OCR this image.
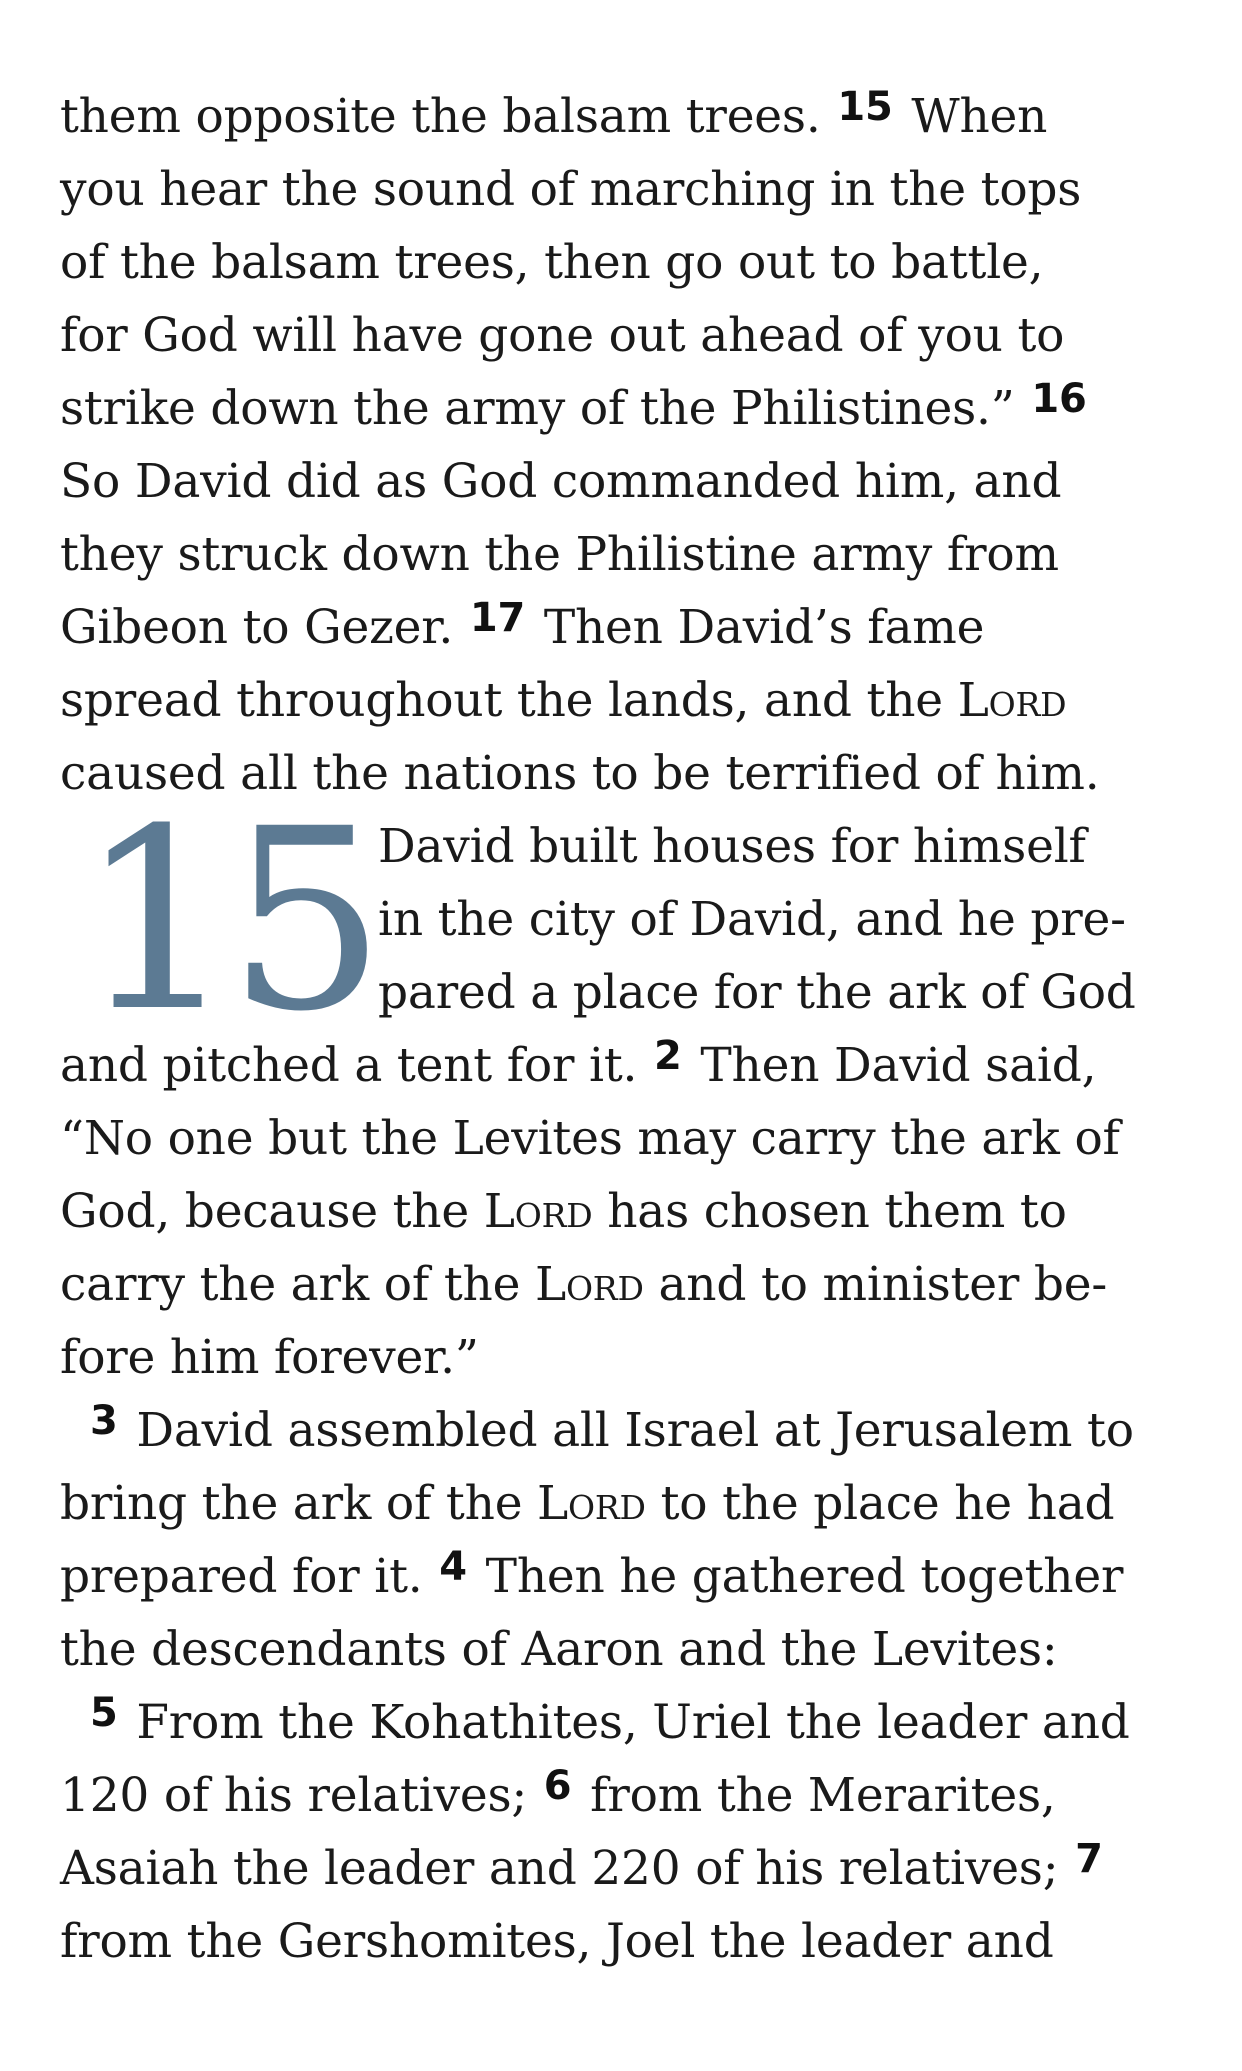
them opposite the balsam trees. 15 When
you hear the sound of marching in the tops
of the balsam trees, then go out to battle,
for God will have gone out ahead of you to
strike down the army of the Philistines.” 16
So David did as God commanded him, and
they struck down the Philistine army from
Gibeon to Gezer. 17 Then David’s fame
spread throughout the lands, and the Lord
caused all the nations to be terrified of him.
15 David built houses for himself
in the city of David, and he pre-
pared a place for the ark of God
and pitched a tent for it. 2 Then David said,
“No one but the Levites may carry the ark of
God, because the Lord has chosen them to
carry the ark of the Lord and to minister be-
fore him forever.”
3 David assembled all Israel at Jerusalem to
bring the ark of the Lord to the place he had
prepared for it. 4 Then he gathered together
the descendants of Aaron and the Levites:
5 From the Kohathites, Uriel the leader and
120 of his relatives; 6 from the Merarites,
Asaiah the leader and 220 of his relatives; 7
from the Gershomites, Joel the leader and
